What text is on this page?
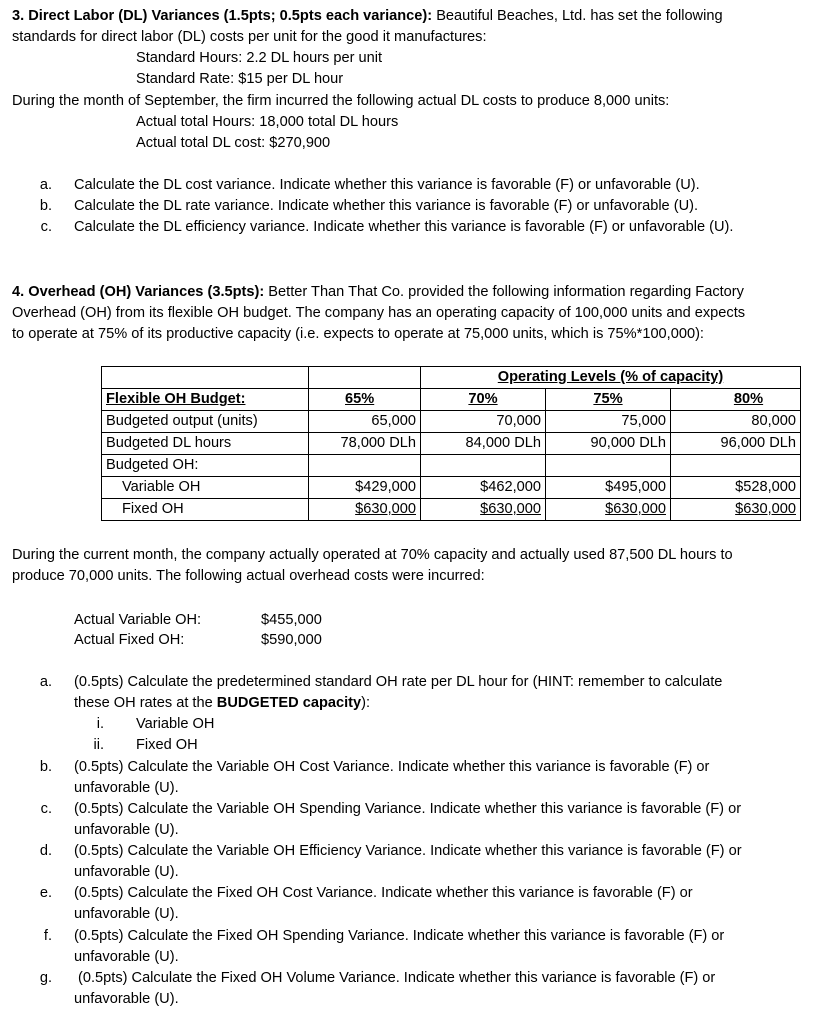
3. Direct Labor (DL) Variances (1.5pts; 0.5pts each variance): Beautiful Beaches, Ltd. has set the following
standards for direct labor (DL) costs per unit for the good it manufactures:
Standard Hours: 2.2 DL hours per unit
Standard Rate: $15 per DL hour
During the month of September, the firm incurred the following actual DL costs to produce 8,000 units:
Actual total Hours: 18,000 total DL hours
Actual total DL cost: $270,900
a. Calculate the DL cost variance. Indicate whether this variance is favorable (F) or unfavorable (U).
b. Calculate the DL rate variance. Indicate whether this variance is favorable (F) or unfavorable (U).
c. Calculate the DL efficiency variance. Indicate whether this variance is favorable (F) or unfavorable (U).
4. Overhead (OH) Variances (3.5pts): Better Than That Co. provided the following information regarding Factory
Overhead (OH) from its flexible OH budget. The company has an operating capacity of 100,000 units and expects
to operate at 75% of its productive capacity (i.e. expects to operate at 75,000 units, which is 75%*100,000):
		Operating Levels (% of capacity)		
Flexible OH Budget:	65%	70%	75%	80%
Budgeted output (units)	65,000	70,000	75,000	80,000
Budgeted DL hours	78,000 DLh	84,000 DLh	90,000 DLh	96,000 DLh
Budgeted OH:				
Variable OH	$429,000	$462,000	$495,000	$528,000
Fixed OH	$630,000	$630,000	$630,000	$630,000
During the current month, the company actually operated at 70% capacity and actually used 87,500 DL hours to
produce 70,000 units. The following actual overhead costs were incurred:
Actual Variable OH:	$455,000
Actual Fixed OH:	$590,000
a. (0.5pts) Calculate the predetermined standard OH rate per DL hour for (HINT: remember to calculate
these OH rates at the BUDGETED capacity):
i. Variable OH
ii. Fixed OH
b. (0.5pts) Calculate the Variable OH Cost Variance. Indicate whether this variance is favorable (F) or
unfavorable (U).
c. (0.5pts) Calculate the Variable OH Spending Variance. Indicate whether this variance is favorable (F) or
unfavorable (U).
d. (0.5pts) Calculate the Variable OH Efficiency Variance. Indicate whether this variance is favorable (F) or
unfavorable (U).
e. (0.5pts) Calculate the Fixed OH Cost Variance. Indicate whether this variance is favorable (F) or
unfavorable (U).
f. (0.5pts) Calculate the Fixed OH Spending Variance. Indicate whether this variance is favorable (F) or
unfavorable (U).
g. (0.5pts) Calculate the Fixed OH Volume Variance. Indicate whether this variance is favorable (F) or
unfavorable (U).
